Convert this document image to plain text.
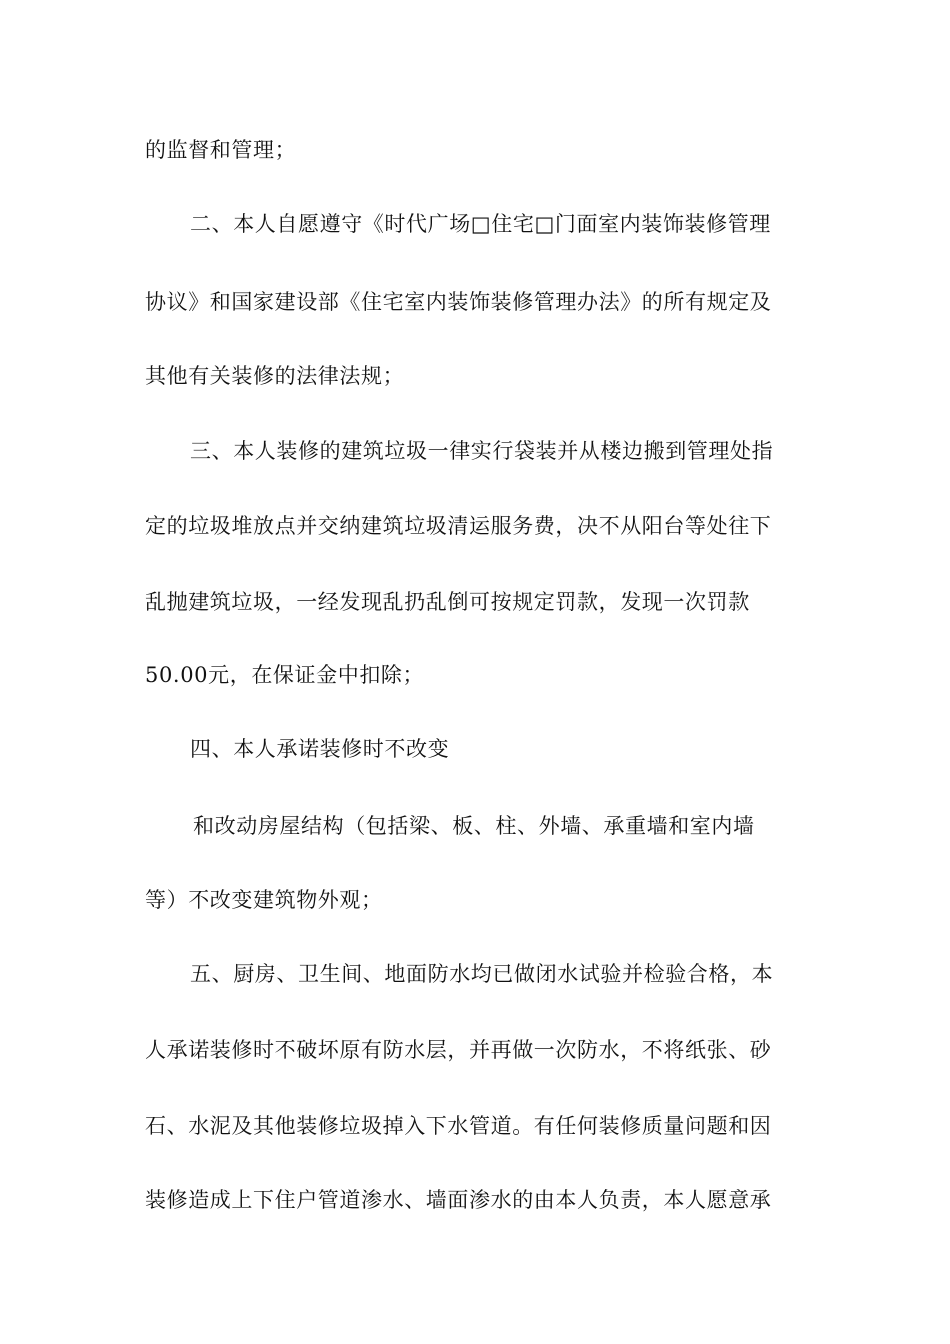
的监督和管理；
二、本人自愿遵守《时代广场□住宅□门面室内装饰装修管理
协议》和国家建设部《住宅室内装饰装修管理办法》的所有规定及
其他有关装修的法律法规；
三、本人装修的建筑垃圾一律实行袋装并从楼边搬到管理处指
定的垃圾堆放点并交纳建筑垃圾清运服务费，决不从阳台等处往下
乱抛建筑垃圾，一经发现乱扔乱倒可按规定罚款，发现一次罚款
50.00元，在保证金中扣除；
四、本人承诺装修时不改变
和改动房屋结构（包括梁、板、柱、外墙、承重墙和室内墙
等）不改变建筑物外观；
五、厨房、卫生间、地面防水均已做闭水试验并检验合格，本
人承诺装修时不破坏原有防水层，并再做一次防水，不将纸张、砂
石、水泥及其他装修垃圾掉入下水管道。有任何装修质量问题和因
装修造成上下住户管道渗水、墙面渗水的由本人负责，本人愿意承
